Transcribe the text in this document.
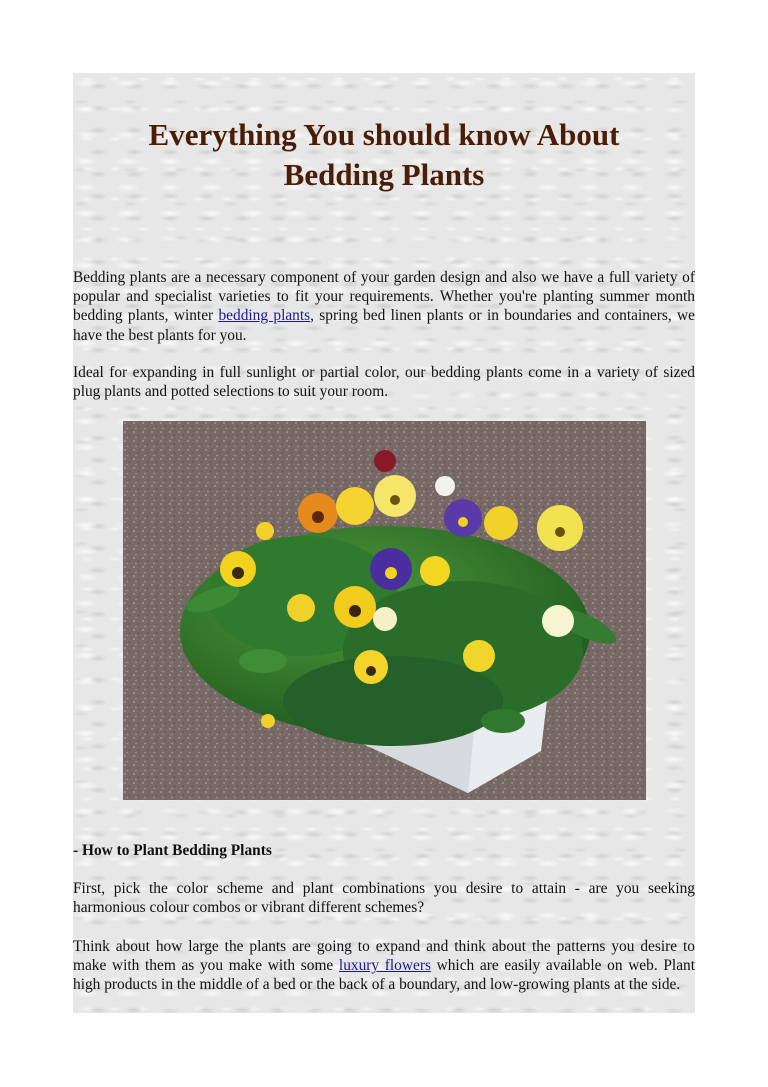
Everything You should know About
Bedding Plants

Bedding plants are a necessary component of your garden design and also we have a full variety of popular and specialist varieties to fit your requirements. Whether you're planting summer month bedding plants, winter bedding plants, spring bed linen plants or in boundaries and containers, we have the best plants for you.

Ideal for expanding in full sunlight or partial color, our bedding plants come in a variety of sized plug plants and potted selections to suit your room.

- How to Plant Bedding Plants

First, pick the color scheme and plant combinations you desire to attain - are you seeking harmonious colour combos or vibrant different schemes?

Think about how large the plants are going to expand and think about the patterns you desire to make with them as you make with some luxury flowers which are easily available on web. Plant high products in the middle of a bed or the back of a boundary, and low-growing plants at the side.
